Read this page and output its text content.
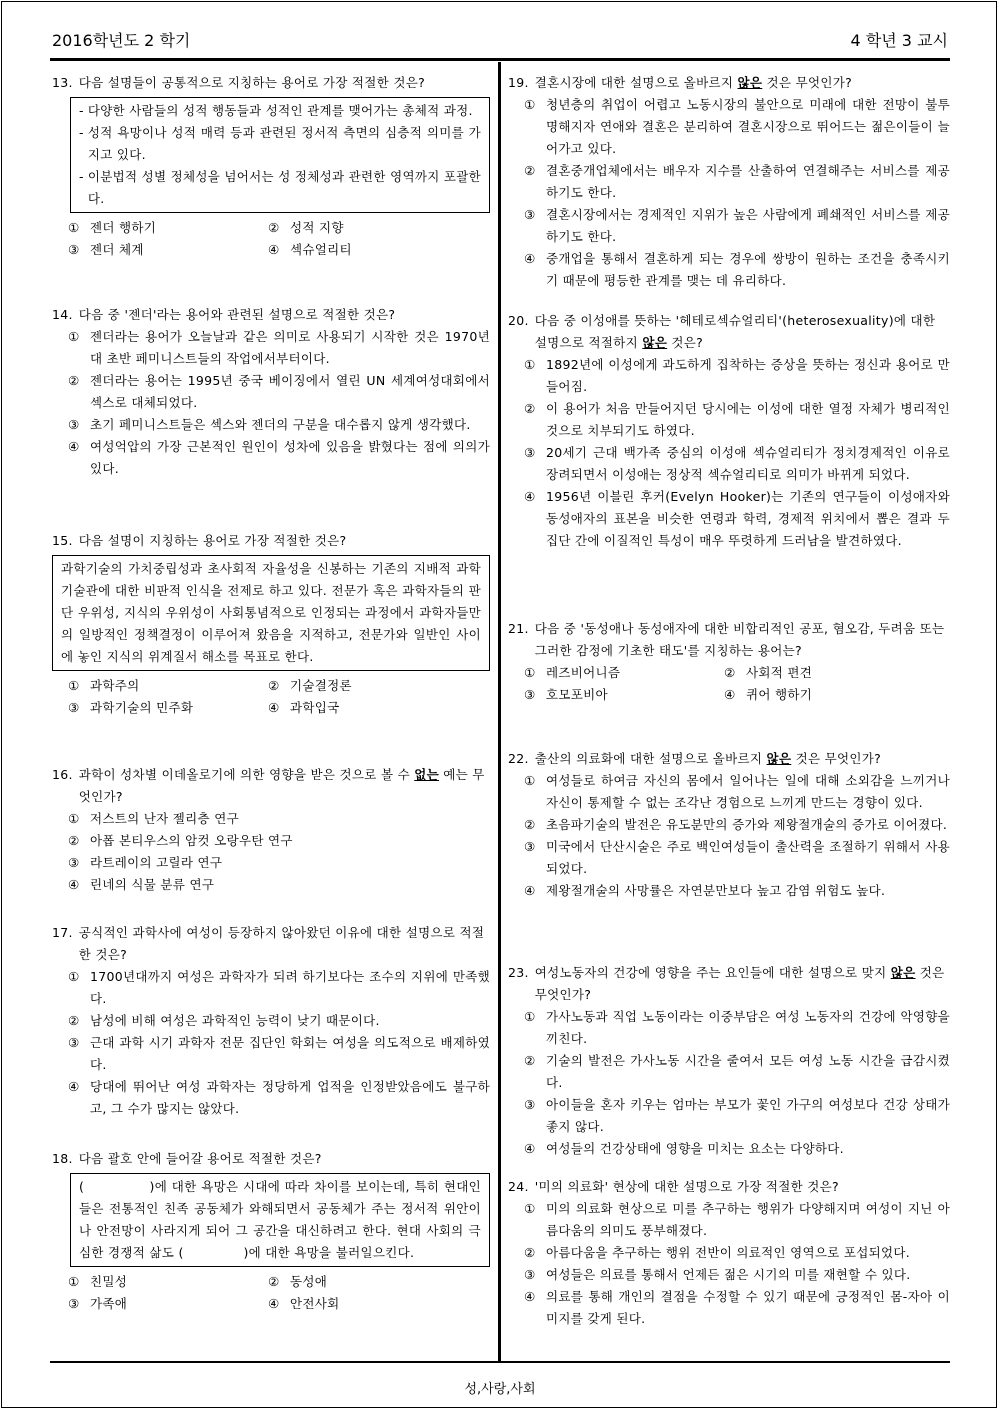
2016학년도 2 학기	4 학년 3 교시
성,사랑,사회
13. 다음 설명들이 공통적으로 지칭하는 용어로 가장 적절한 것은?
- 다양한 사람들의 성적 행동들과 성적인 관계를 맺어가는 총체적 과정.
- 성적 욕망이나 성적 매력 등과 관련된 정서적 측면의 심층적 의미를 가지고 있다.
- 이분법적 성별 정체성을 넘어서는 성 정체성과 관련한 영역까지 포괄한다.
① 젠더 행하기	② 성적 지향
③ 젠더 체계	④ 섹슈얼리티
14. 다음 중 '젠더'라는 용어와 관련된 설명으로 적절한 것은?
① 젠더라는 용어가 오늘날과 같은 의미로 사용되기 시작한 것은 1970년대 초반 페미니스트들의 작업에서부터이다.
② 젠더라는 용어는 1995년 중국 베이징에서 열린 UN 세계여성대회에서 섹스로 대체되었다.
③ 초기 페미니스트들은 섹스와 젠더의 구분을 대수롭지 않게 생각했다.
④ 여성억압의 가장 근본적인 원인이 성차에 있음을 밝혔다는 점에 의의가 있다.
15. 다음 설명이 지칭하는 용어로 가장 적절한 것은?
과학기술의 가치중립성과 초사회적 자율성을 신봉하는 기존의 지배적 과학기술관에 대한 비판적 인식을 전제로 하고 있다. 전문가 혹은 과학자들의 판단 우위성, 지식의 우위성이 사회통념적으로 인정되는 과정에서 과학자들만의 일방적인 정책결정이 이루어져 왔음을 지적하고, 전문가와 일반인 사이에 놓인 지식의 위계질서 해소를 목표로 한다.
① 과학주의	② 기술결정론
③ 과학기술의 민주화	④ 과학입국
16. 과학이 성차별 이데올로기에 의한 영향을 받은 것으로 볼 수 없는 예는 무엇인가?
① 저스트의 난자 젤리층 연구
② 아폽 본티우스의 암컷 오랑우탄 연구
③ 라트레이의 고릴라 연구
④ 린네의 식물 분류 연구
17. 공식적인 과학사에 여성이 등장하지 않아왔던 이유에 대한 설명으로 적절한 것은?
① 1700년대까지 여성은 과학자가 되려 하기보다는 조수의 지위에 만족했다.
② 남성에 비해 여성은 과학적인 능력이 낮기 때문이다.
③ 근대 과학 시기 과학자 전문 집단인 학회는 여성을 의도적으로 배제하였다.
④ 당대에 뛰어난 여성 과학자는 정당하게 업적을 인정받았음에도 불구하고, 그 수가 많지는 않았다.
18. 다음 괄호 안에 들어갈 용어로 적절한 것은?
(              )에 대한 욕망은 시대에 따라 차이를 보이는데, 특히 현대인들은 전통적인 친족 공동체가 와해되면서 공동체가 주는 정서적 위안이나 안전망이 사라지게 되어 그 공간을 대신하려고 한다. 현대 사회의 극심한 경쟁적 삶도 (              )에 대한 욕망을 불러일으킨다.
① 친밀성	② 동성애
③ 가족애	④ 안전사회
19. 결혼시장에 대한 설명으로 올바르지 않은 것은 무엇인가?
① 청년층의 취업이 어렵고 노동시장의 불안으로 미래에 대한 전망이 불투명해지자 연애와 결혼은 분리하여 결혼시장으로 뛰어드는 젊은이들이 늘어가고 있다.
② 결혼중개업체에서는 배우자 지수를 산출하여 연결해주는 서비스를 제공하기도 한다.
③ 결혼시장에서는 경제적인 지위가 높은 사람에게 폐쇄적인 서비스를 제공하기도 한다.
④ 중개업을 통해서 결혼하게 되는 경우에 쌍방이 원하는 조건을 충족시키기 때문에 평등한 관계를 맺는 데 유리하다.
20. 다음 중 이성애를 뜻하는 '헤테로섹슈얼리티'(heterosexuality)에 대한 설명으로 적절하지 않은 것은?
① 1892년에 이성에게 과도하게 집착하는 증상을 뜻하는 정신과 용어로 만들어짐.
② 이 용어가 처음 만들어지던 당시에는 이성에 대한 열정 자체가 병리적인 것으로 치부되기도 하였다.
③ 20세기 근대 백가족 중심의 이성애 섹슈얼리티가 정치경제적인 이유로 장려되면서 이성애는 정상적 섹슈얼리티로 의미가 바뀌게 되었다.
④ 1956년 이블린 후커(Evelyn Hooker)는 기존의 연구들이 이성애자와 동성애자의 표본을 비슷한 연령과 학력, 경제적 위치에서 뽑은 결과 두 집단 간에 이질적인 특성이 매우 뚜렷하게 드러남을 발견하였다.
21. 다음 중 '동성애나 동성애자에 대한 비합리적인 공포, 혐오감, 두려움 또는 그러한 감정에 기초한 태도'를 지칭하는 용어는?
① 레즈비어니즘	② 사회적 편견
③ 호모포비아	④ 퀴어 행하기
22. 출산의 의료화에 대한 설명으로 올바르지 않은 것은 무엇인가?
① 여성들로 하여금 자신의 몸에서 일어나는 일에 대해 소외감을 느끼거나 자신이 통제할 수 없는 조각난 경험으로 느끼게 만드는 경향이 있다.
② 초음파기술의 발전은 유도분만의 증가와 제왕절개술의 증가로 이어졌다.
③ 미국에서 단산시술은 주로 백인여성들이 출산력을 조절하기 위해서 사용되었다.
④ 제왕절개술의 사망률은 자연분만보다 높고 감염 위험도 높다.
23. 여성노동자의 건강에 영향을 주는 요인들에 대한 설명으로 맞지 않은 것은 무엇인가?
① 가사노동과 직업 노동이라는 이중부담은 여성 노동자의 건강에 악영향을 끼친다.
② 기술의 발전은 가사노동 시간을 줄여서 모든 여성 노동 시간을 급감시켰다.
③ 아이들을 혼자 키우는 엄마는 부모가 꽃인 가구의 여성보다 건강 상태가 좋지 않다.
④ 여성들의 건강상태에 영향을 미치는 요소는 다양하다.
24. '미의 의료화' 현상에 대한 설명으로 가장 적절한 것은?
① 미의 의료화 현상으로 미를 추구하는 행위가 다양해지며 여성이 지닌 아름다움의 의미도 풍부해졌다.
② 아름다움을 추구하는 행위 전반이 의료적인 영역으로 포섭되었다.
③ 여성들은 의료를 통해서 언제든 젊은 시기의 미를 재현할 수 있다.
④ 의료를 통해 개인의 결점을 수정할 수 있기 때문에 긍정적인 몸-자아 이미지를 갖게 된다.
